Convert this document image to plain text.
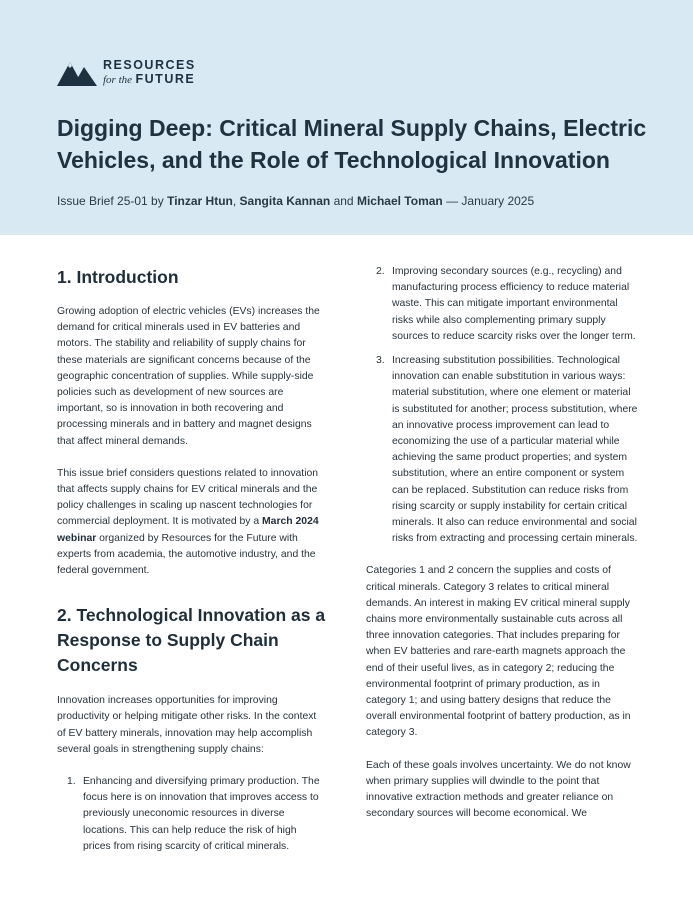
RESOURCES
for the FUTURE
Digging Deep: Critical Mineral Supply Chains, Electric Vehicles, and the Role of Technological Innovation
Issue Brief 25-01 by Tinzar Htun, Sangita Kannan and Michael Toman — January 2025
1. Introduction

Growing adoption of electric vehicles (EVs) increases the demand for critical minerals used in EV batteries and motors. The stability and reliability of supply chains for these materials are significant concerns because of the geographic concentration of supplies. While supply-side policies such as development of new sources are important, so is innovation in both recovering and processing minerals and in battery and magnet designs that affect mineral demands.

This issue brief considers questions related to innovation that affects supply chains for EV critical minerals and the policy challenges in scaling up nascent technologies for commercial deployment. It is motivated by a March 2024 webinar organized by Resources for the Future with experts from academia, the automotive industry, and the federal government.

2. Technological Innovation as a Response to Supply Chain Concerns

Innovation increases opportunities for improving productivity or helping mitigate other risks. In the context of EV battery minerals, innovation may help accomplish several goals in strengthening supply chains:

1. Enhancing and diversifying primary production. The focus here is on innovation that improves access to previously uneconomic resources in diverse locations. This can help reduce the risk of high prices from rising scarcity of critical minerals.
2. Improving secondary sources (e.g., recycling) and manufacturing process efficiency to reduce material waste. This can mitigate important environmental risks while also complementing primary supply sources to reduce scarcity risks over the longer term.
3. Increasing substitution possibilities. Technological innovation can enable substitution in various ways: material substitution, where one element or material is substituted for another; process substitution, where an innovative process improvement can lead to economizing the use of a particular material while achieving the same product properties; and system substitution, where an entire component or system can be replaced. Substitution can reduce risks from rising scarcity or supply instability for certain critical minerals. It also can reduce environmental and social risks from extracting and processing certain minerals.

Categories 1 and 2 concern the supplies and costs of critical minerals. Category 3 relates to critical mineral demands. An interest in making EV critical mineral supply chains more environmentally sustainable cuts across all three innovation categories. That includes preparing for when EV batteries and rare-earth magnets approach the end of their useful lives, as in category 2; reducing the environmental footprint of primary production, as in category 1; and using battery designs that reduce the overall environmental footprint of battery production, as in category 3.

Each of these goals involves uncertainty. We do not know when primary supplies will dwindle to the point that innovative extraction methods and greater reliance on secondary sources will become economical. We
